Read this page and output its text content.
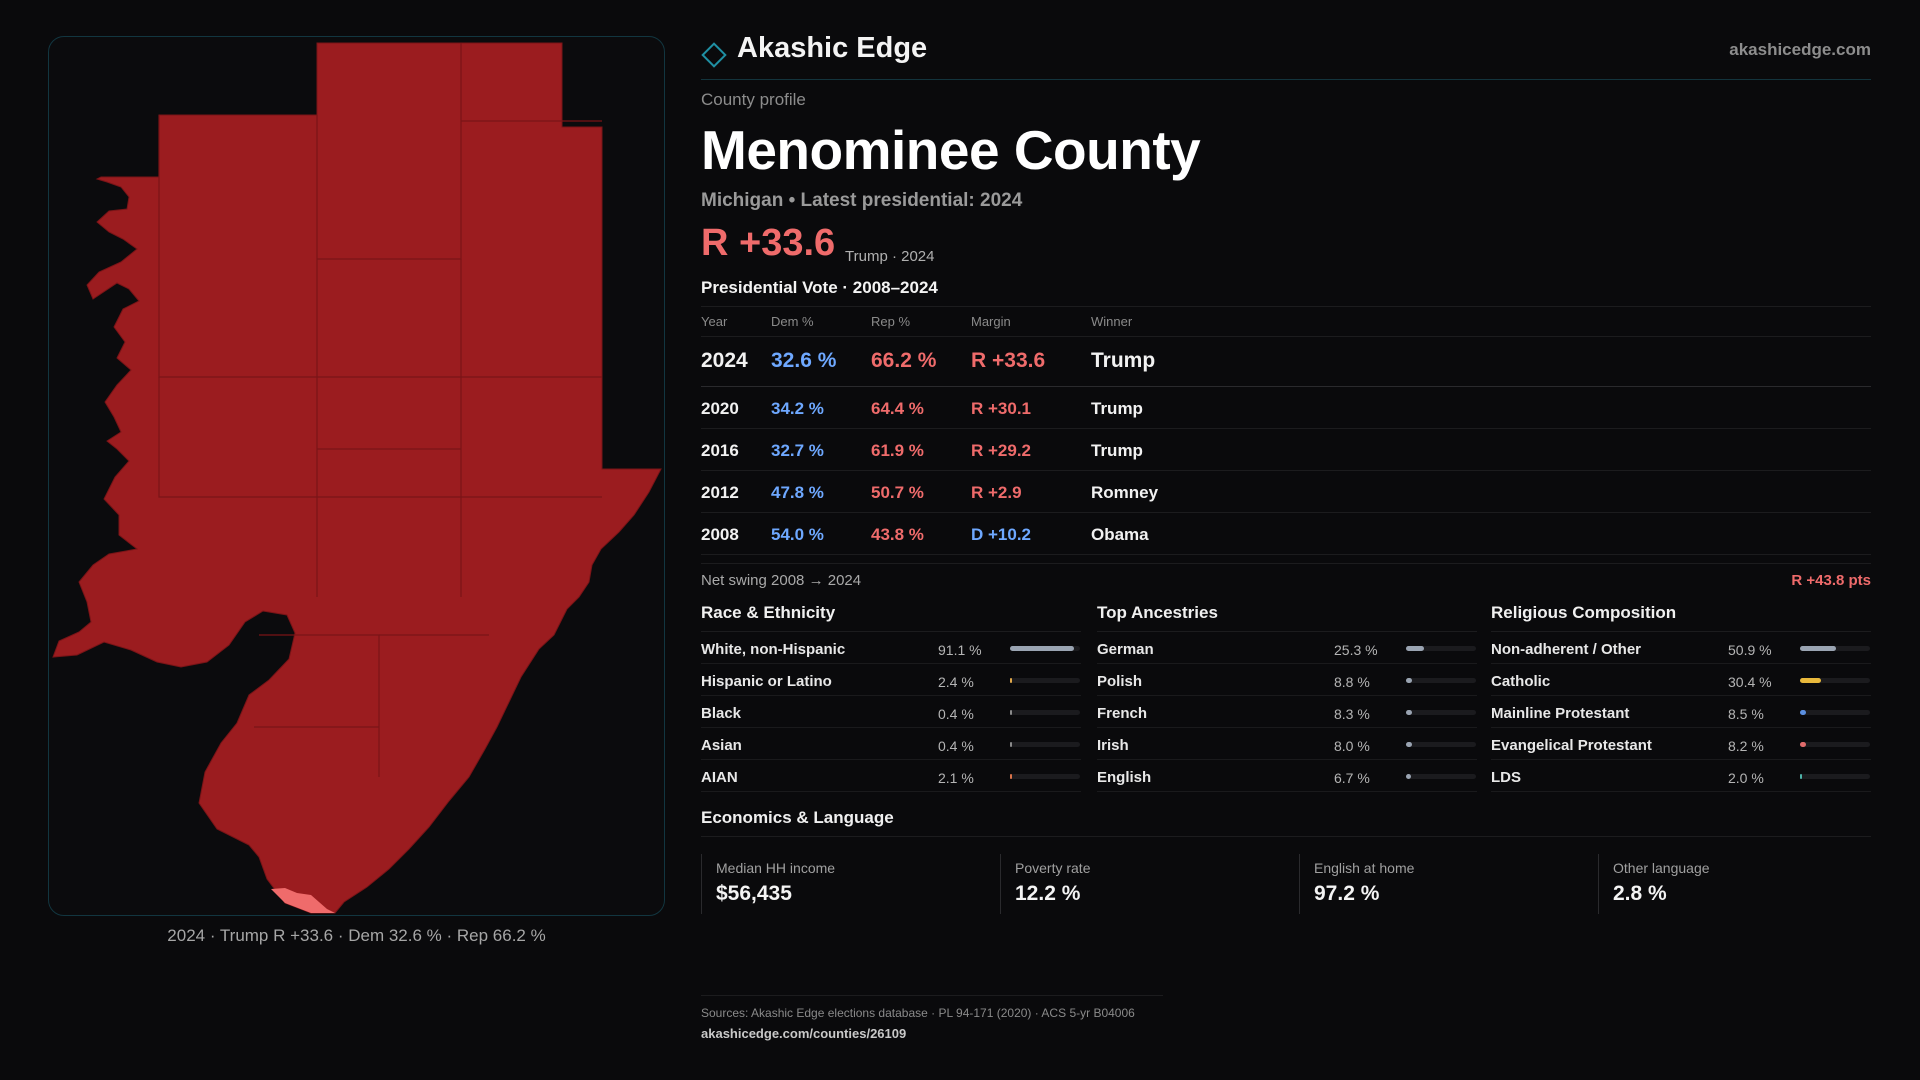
2024 · Trump R +33.6 · Dem 32.6 % · Rep 66.2 %
Akashic Edge	akashicedge.com
County profile
Menominee County
Michigan • Latest presidential: 2024
R +33.6 Trump · 2024
Presidential Vote · 2008–2024
Year	Dem %	Rep %	Margin	Winner
2024 32.6 % 66.2 % R +33.6 Trump
2020 34.2 %	64.4 %	R +30.1	Trump
2016 32.7 %	61.9 %	R +29.2	Trump
2012 47.8 %	50.7 %	R +2.9	Romney
2008 54.0 %	43.8 %	D +10.2	Obama
Net swing 2008 → 2024	R +43.8 pts
Race & Ethnicity
White, non-Hispanic	91.1 %
Hispanic or Latino	2.4 %
Black	0.4 %
Asian	0.4 %
AIAN	2.1 %
Top Ancestries
German	25.3 %
Polish	8.8 %
French	8.3 %
Irish	8.0 %
English	6.7 %
Religious Composition
Non-adherent / Other	50.9 %
Catholic	30.4 %
Mainline Protestant	8.5 %
Evangelical Protestant	8.2 %
LDS	2.0 %
Economics & Language
Median HH income
$56,435
Poverty rate
12.2 %
English at home
97.2 %
Other language
2.8 %
Sources: Akashic Edge elections database · PL 94-171 (2020) · ACS 5-yr B04006
akashicedge.com/counties/26109
